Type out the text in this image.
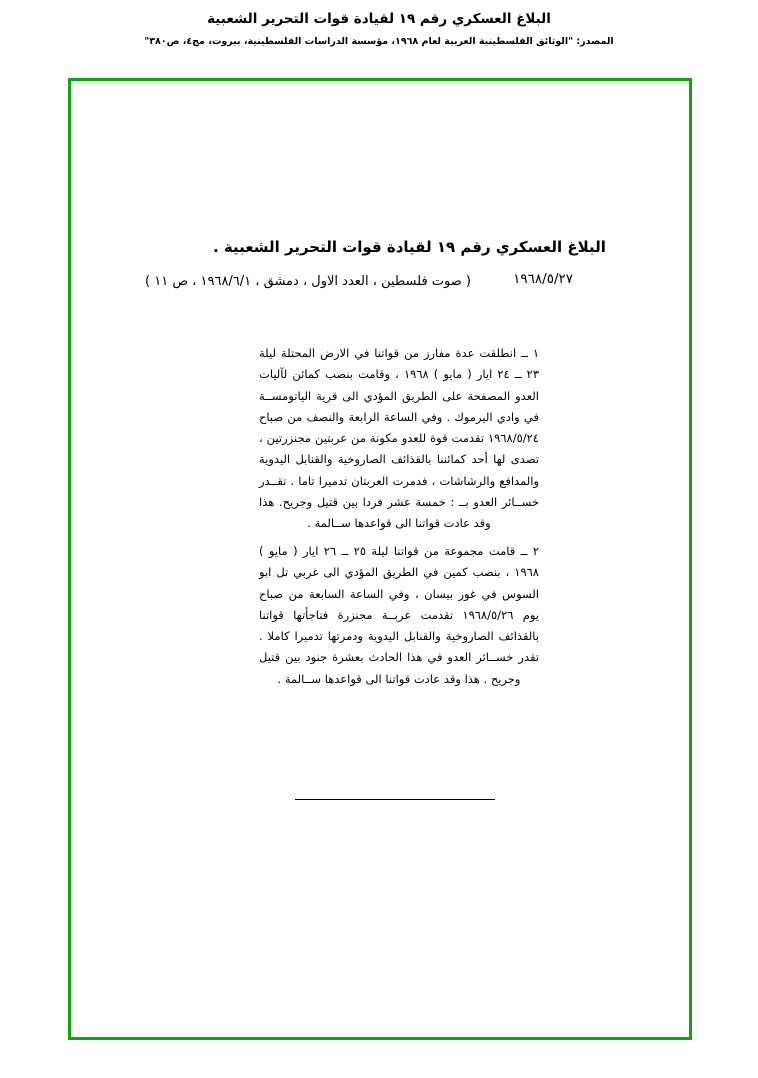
البلاغ العسكري رقم ١٩ لقيادة قوات التحرير الشعبية
المصدر: "الوثائق الفلسطينية العربية لعام ١٩٦٨، مؤسسة الدراسات الفلسطينية، بيروت، مج٤، ص٣٨٠"
البلاغ العسكري رقم ١٩ لقيادة قوات التحرير الشعبية .
١٩٦٨/٥/٢٧
( صوت فلسطين ، العدد الاول ، دمشق ، ١٩٦٨/٦/١ ، ص ١١ )
١ ــ انطلقت عدة مفارز من قواتنا في الارض المحتلة ليلة ٢٣ ــ ٢٤ ايار ( مايو ) ١٩٦٨ ، وقامت بنصب كمائن لآليات العدو المصفحة على الطريق المؤدي الى قرية الياتومســة في وادي اليرموك . وفي الساعة الرابعة والنصف من صباح ١٩٦٨/٥/٢٤ تقدمت قوة للعدو مكونة من عربتين مجنزرتين ، تصدى لها أحد كمائننا بالقذائف الصاروخية والقنابل اليدوية والمدافع والرشاشات ، فدمرت العربتان تدميرا تاما . تقــدر خســائر العدو بــ : خمسة عشر فردا بين قتيل وجريح. هذا وقد عادت قواتنا الى قواعدها ســالمة .
٢ ــ قامت مجموعة من قواتنا ليلة ٢٥ ــ ٢٦ ايار ( مايو ) ١٩٦٨ ، بنصب كمين في الطريق المؤدي الى غربي تل ابو السوس في غور بيسان ، وفي الساعة السابعة من صباح يوم ١٩٦٨/٥/٢٦ تقدمت عربــة مجنزرة فناجأتها قواتنا بالقذائف الصاروخية والقنابل اليدوية ودمرتها تدميرا كاملا . تقدر خســائر العدو في هذا الحادث بعشرة جنود بين قتيل وجريح . هذا وقد عادت قواتنا الى قواعدها ســالمة .
